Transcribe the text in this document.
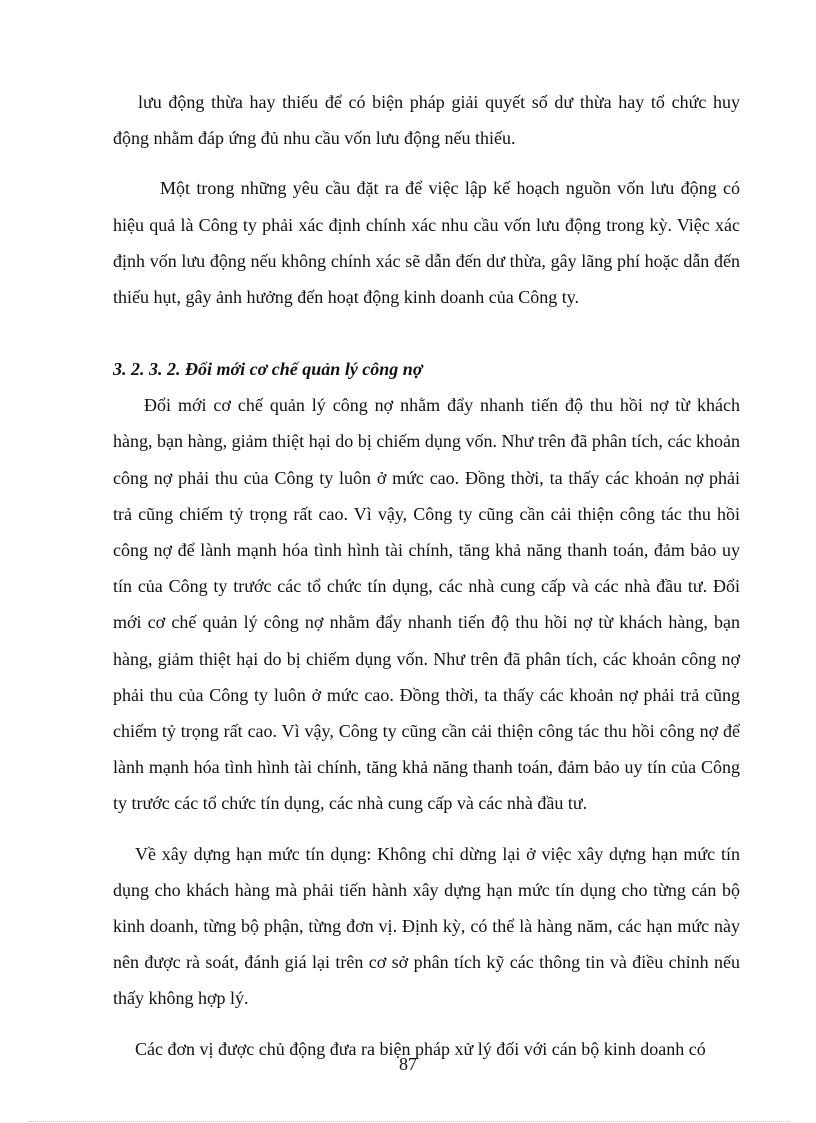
lưu động thừa hay thiếu để có biện pháp giải quyết số dư thừa hay tổ chức huy động nhằm đáp ứng đủ nhu cầu vốn lưu động nếu thiếu.

Một trong những yêu cầu đặt ra để việc lập kế hoạch nguồn vốn lưu động có hiệu quả là Công ty phải xác định chính xác nhu cầu vốn lưu động trong kỳ. Việc xác định vốn lưu động nếu không chính xác sẽ dẫn đến dư thừa, gây lãng phí hoặc dẫn đến thiếu hụt, gây ảnh hưởng đến hoạt động kinh doanh của Công ty.

3. 2. 3. 2. Đổi mới cơ chế quản lý công nợ

Đổi mới cơ chế quản lý công nợ nhằm đẩy nhanh tiến độ thu hồi nợ từ khách hàng, bạn hàng, giảm thiệt hại do bị chiếm dụng vốn. Như trên đã phân tích, các khoản công nợ phải thu của Công ty luôn ở mức cao. Đồng thời, ta thấy các khoản nợ phải trả cũng chiếm tỷ trọng rất cao. Vì vậy, Công ty cũng cần cải thiện công tác thu hồi công nợ để lành mạnh hóa tình hình tài chính, tăng khả năng thanh toán, đảm bảo uy tín của Công ty trước các tổ chức tín dụng, các nhà cung cấp và các nhà đầu tư. Đổi mới cơ chế quản lý công nợ nhằm đẩy nhanh tiến độ thu hồi nợ từ khách hàng, bạn hàng, giảm thiệt hại do bị chiếm dụng vốn. Như trên đã phân tích, các khoản công nợ phải thu của Công ty luôn ở mức cao. Đồng thời, ta thấy các khoản nợ phải trả cũng chiếm tỷ trọng rất cao. Vì vậy, Công ty cũng cần cải thiện công tác thu hồi công nợ để lành mạnh hóa tình hình tài chính, tăng khả năng thanh toán, đảm bảo uy tín của Công ty trước các tổ chức tín dụng, các nhà cung cấp và các nhà đầu tư.

Về xây dựng hạn mức tín dụng: Không chỉ dừng lại ở việc xây dựng hạn mức tín dụng cho khách hàng mà phải tiến hành xây dựng hạn mức tín dụng cho từng cán bộ kinh doanh, từng bộ phận, từng đơn vị. Định kỳ, có thể là hàng năm, các hạn mức này nên được rà soát, đánh giá lại trên cơ sở phân tích kỹ các thông tin và điều chỉnh nếu thấy không hợp lý.

Các đơn vị được chủ động đưa ra biện pháp xử lý đối với cán bộ kinh doanh có

87
